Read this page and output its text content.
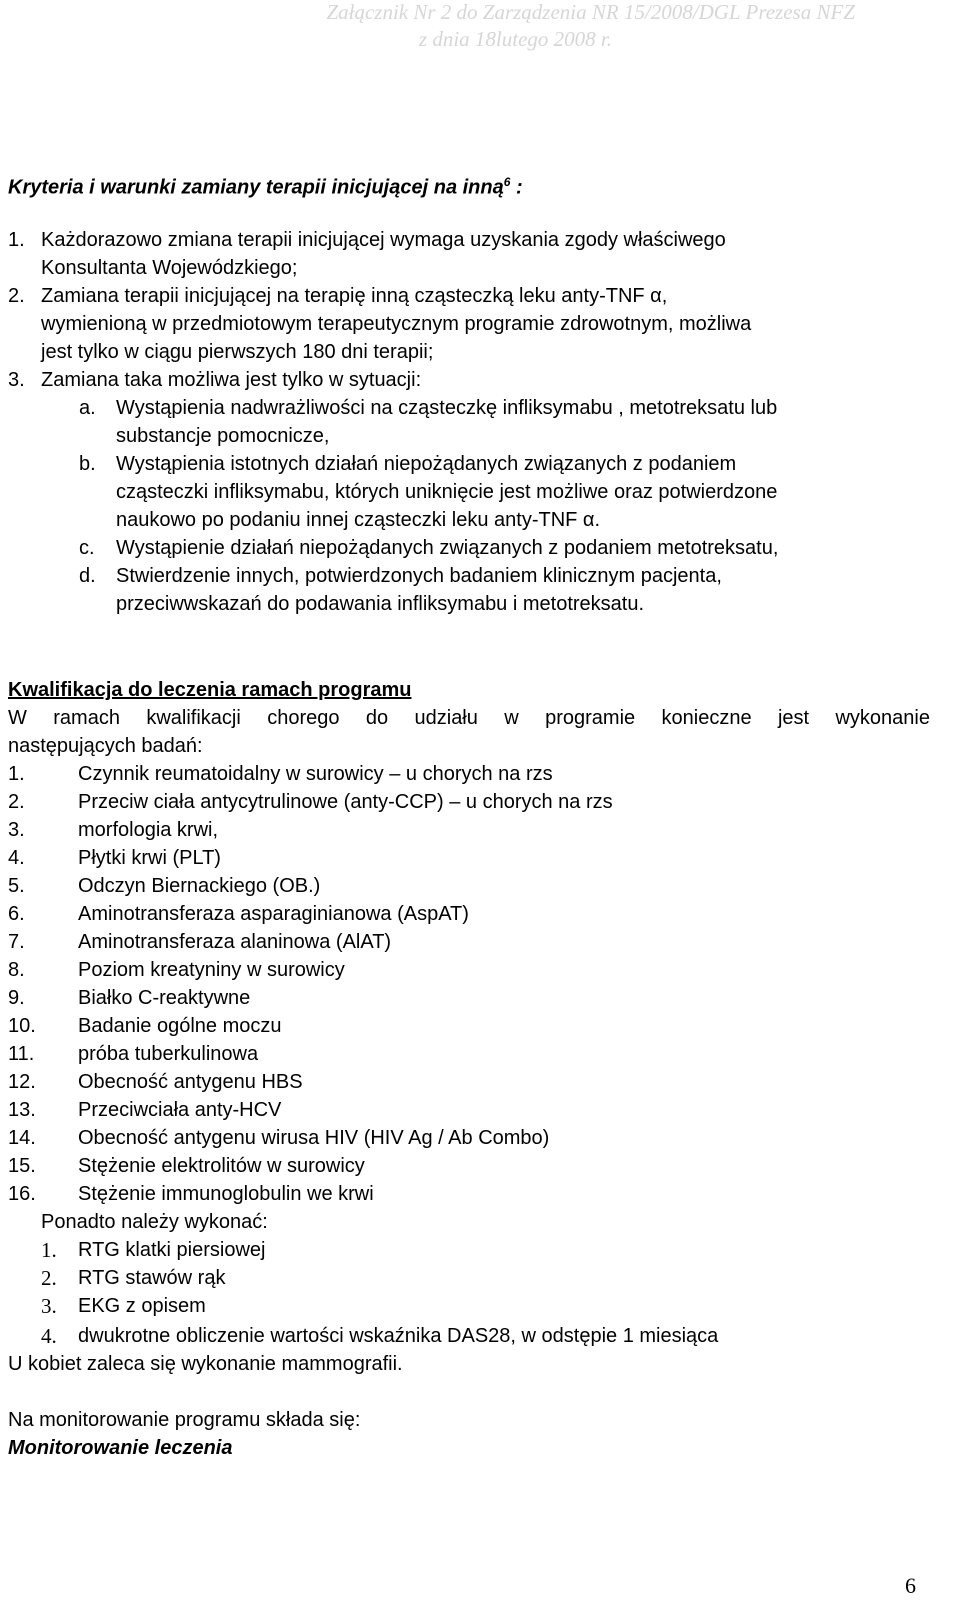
Załącznik Nr 2 do Zarządzenia NR 15/2008/DGL Prezesa NFZ
z dnia 18lutego 2008 r.
Kryteria i warunki zamiany terapii inicjującej na inną$^6$ :
1. Każdorazowo zmiana terapii inicjującej wymaga uzyskania zgody właściwego
Konsultanta Wojewódzkiego;
2. Zamiana terapii inicjującej na terapię inną cząsteczką leku anty-TNF α,
wymienioną w przedmiotowym terapeutycznym programie zdrowotnym, możliwa
jest tylko w ciągu pierwszych 180 dni terapii;
3. Zamiana taka możliwa jest tylko w sytuacji:
a. Wystąpienia nadwrażliwości na cząsteczkę infliksymabu , metotreksatu lub
substancje pomocnicze,
b. Wystąpienia istotnych działań niepożądanych związanych z podaniem
cząsteczki infliksymabu, których uniknięcie jest możliwe oraz potwierdzone
naukowo po podaniu innej cząsteczki leku anty-TNF α.
c. Wystąpienie działań niepożądanych związanych z podaniem metotreksatu,
d. Stwierdzenie innych, potwierdzonych badaniem klinicznym pacjenta,
przeciwwskazań do podawania infliksymabu i metotreksatu.
Kwalifikacja do leczenia ramach programu
W ramach kwalifikacji chorego do udziału w programie konieczne jest wykonanie
następujących badań:
1.	Czynnik reumatoidalny w surowicy – u chorych na rzs
2.	Przeciw ciała antycytrulinowe (anty-CCP) – u chorych na rzs
3.	morfologia krwi,
4.	Płytki krwi (PLT)
5.	Odczyn Biernackiego (OB.)
6.	Aminotransferaza asparaginianowa (AspAT)
7.	Aminotransferaza alaninowa (AlAT)
8.	Poziom kreatyniny w surowicy
9.	Białko C-reaktywne
10. Badanie ogólne moczu
11. próba tuberkulinowa
12. Obecność antygenu HBS
13. Przeciwciała anty-HCV
14. Obecność antygenu wirusa HIV (HIV Ag / Ab Combo)
15. Stężenie elektrolitów w surowicy
16. Stężenie immunoglobulin we krwi
Ponadto należy wykonać:
1. RTG klatki piersiowej
2. RTG stawów rąk
3. EKG z opisem
4. dwukrotne obliczenie wartości wskaźnika DAS28, w odstępie 1 miesiąca
U kobiet zaleca się wykonanie mammografii.
Na monitorowanie programu składa się:
Monitorowanie leczenia
6
